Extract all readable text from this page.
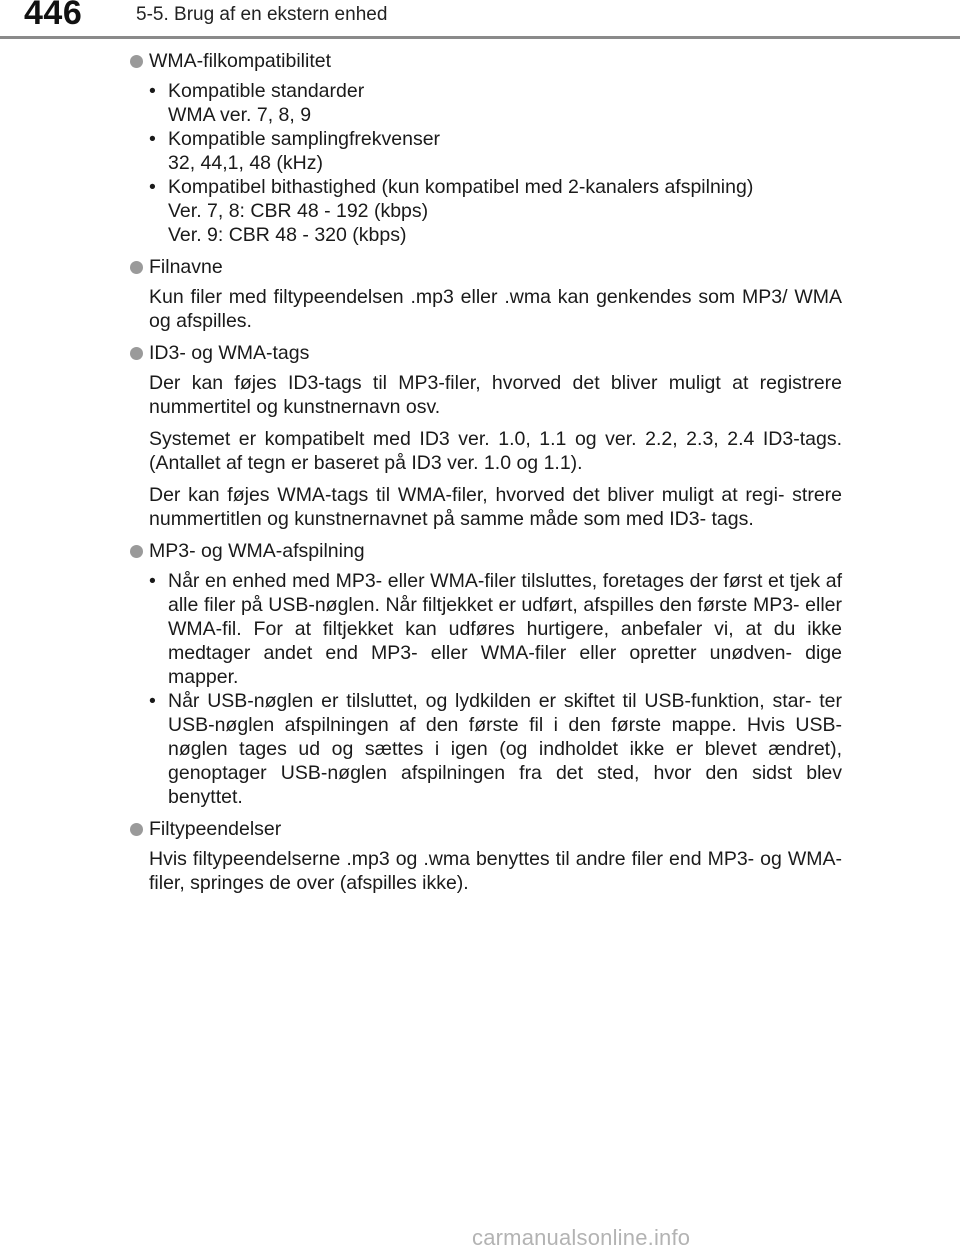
446	5-5. Brug af en ekstern enhed
WMA-filkompatibilitet
• Kompatible standarder
WMA ver. 7, 8, 9
• Kompatible samplingfrekvenser
32, 44,1, 48 (kHz)
• Kompatibel bithastighed (kun kompatibel med 2-kanalers afspilning)
Ver. 7, 8: CBR 48 - 192 (kbps)
Ver. 9: CBR 48 - 320 (kbps)
Filnavne
Kun filer med filtypeendelsen .mp3 eller .wma kan genkendes som MP3/ WMA og afspilles.
ID3- og WMA-tags
Der kan føjes ID3-tags til MP3-filer, hvorved det bliver muligt at registrere nummertitel og kunstnernavn osv.
Systemet er kompatibelt med ID3 ver. 1.0, 1.1 og ver. 2.2, 2.3, 2.4 ID3-tags. (Antallet af tegn er baseret på ID3 ver. 1.0 og 1.1).
Der kan føjes WMA-tags til WMA-filer, hvorved det bliver muligt at regi- strere nummertitlen og kunstnernavnet på samme måde som med ID3- tags.
MP3- og WMA-afspilning
• Når en enhed med MP3- eller WMA-filer tilsluttes, foretages der først et tjek af alle filer på USB-nøglen. Når filtjekket er udført, afspilles den første MP3- eller WMA-fil. For at filtjekket kan udføres hurtigere, anbefaler vi, at du ikke medtager andet end MP3- eller WMA-filer eller opretter unødven- dige mapper.
• Når USB-nøglen er tilsluttet, og lydkilden er skiftet til USB-funktion, star- ter USB-nøglen afspilningen af den første fil i den første mappe. Hvis USB-nøglen tages ud og sættes i igen (og indholdet ikke er blevet ændret), genoptager USB-nøglen afspilningen fra det sted, hvor den sidst blev benyttet.
Filtypeendelser
Hvis filtypeendelserne .mp3 og .wma benyttes til andre filer end MP3- og WMA-filer, springes de over (afspilles ikke).
carmanualsonline.info
